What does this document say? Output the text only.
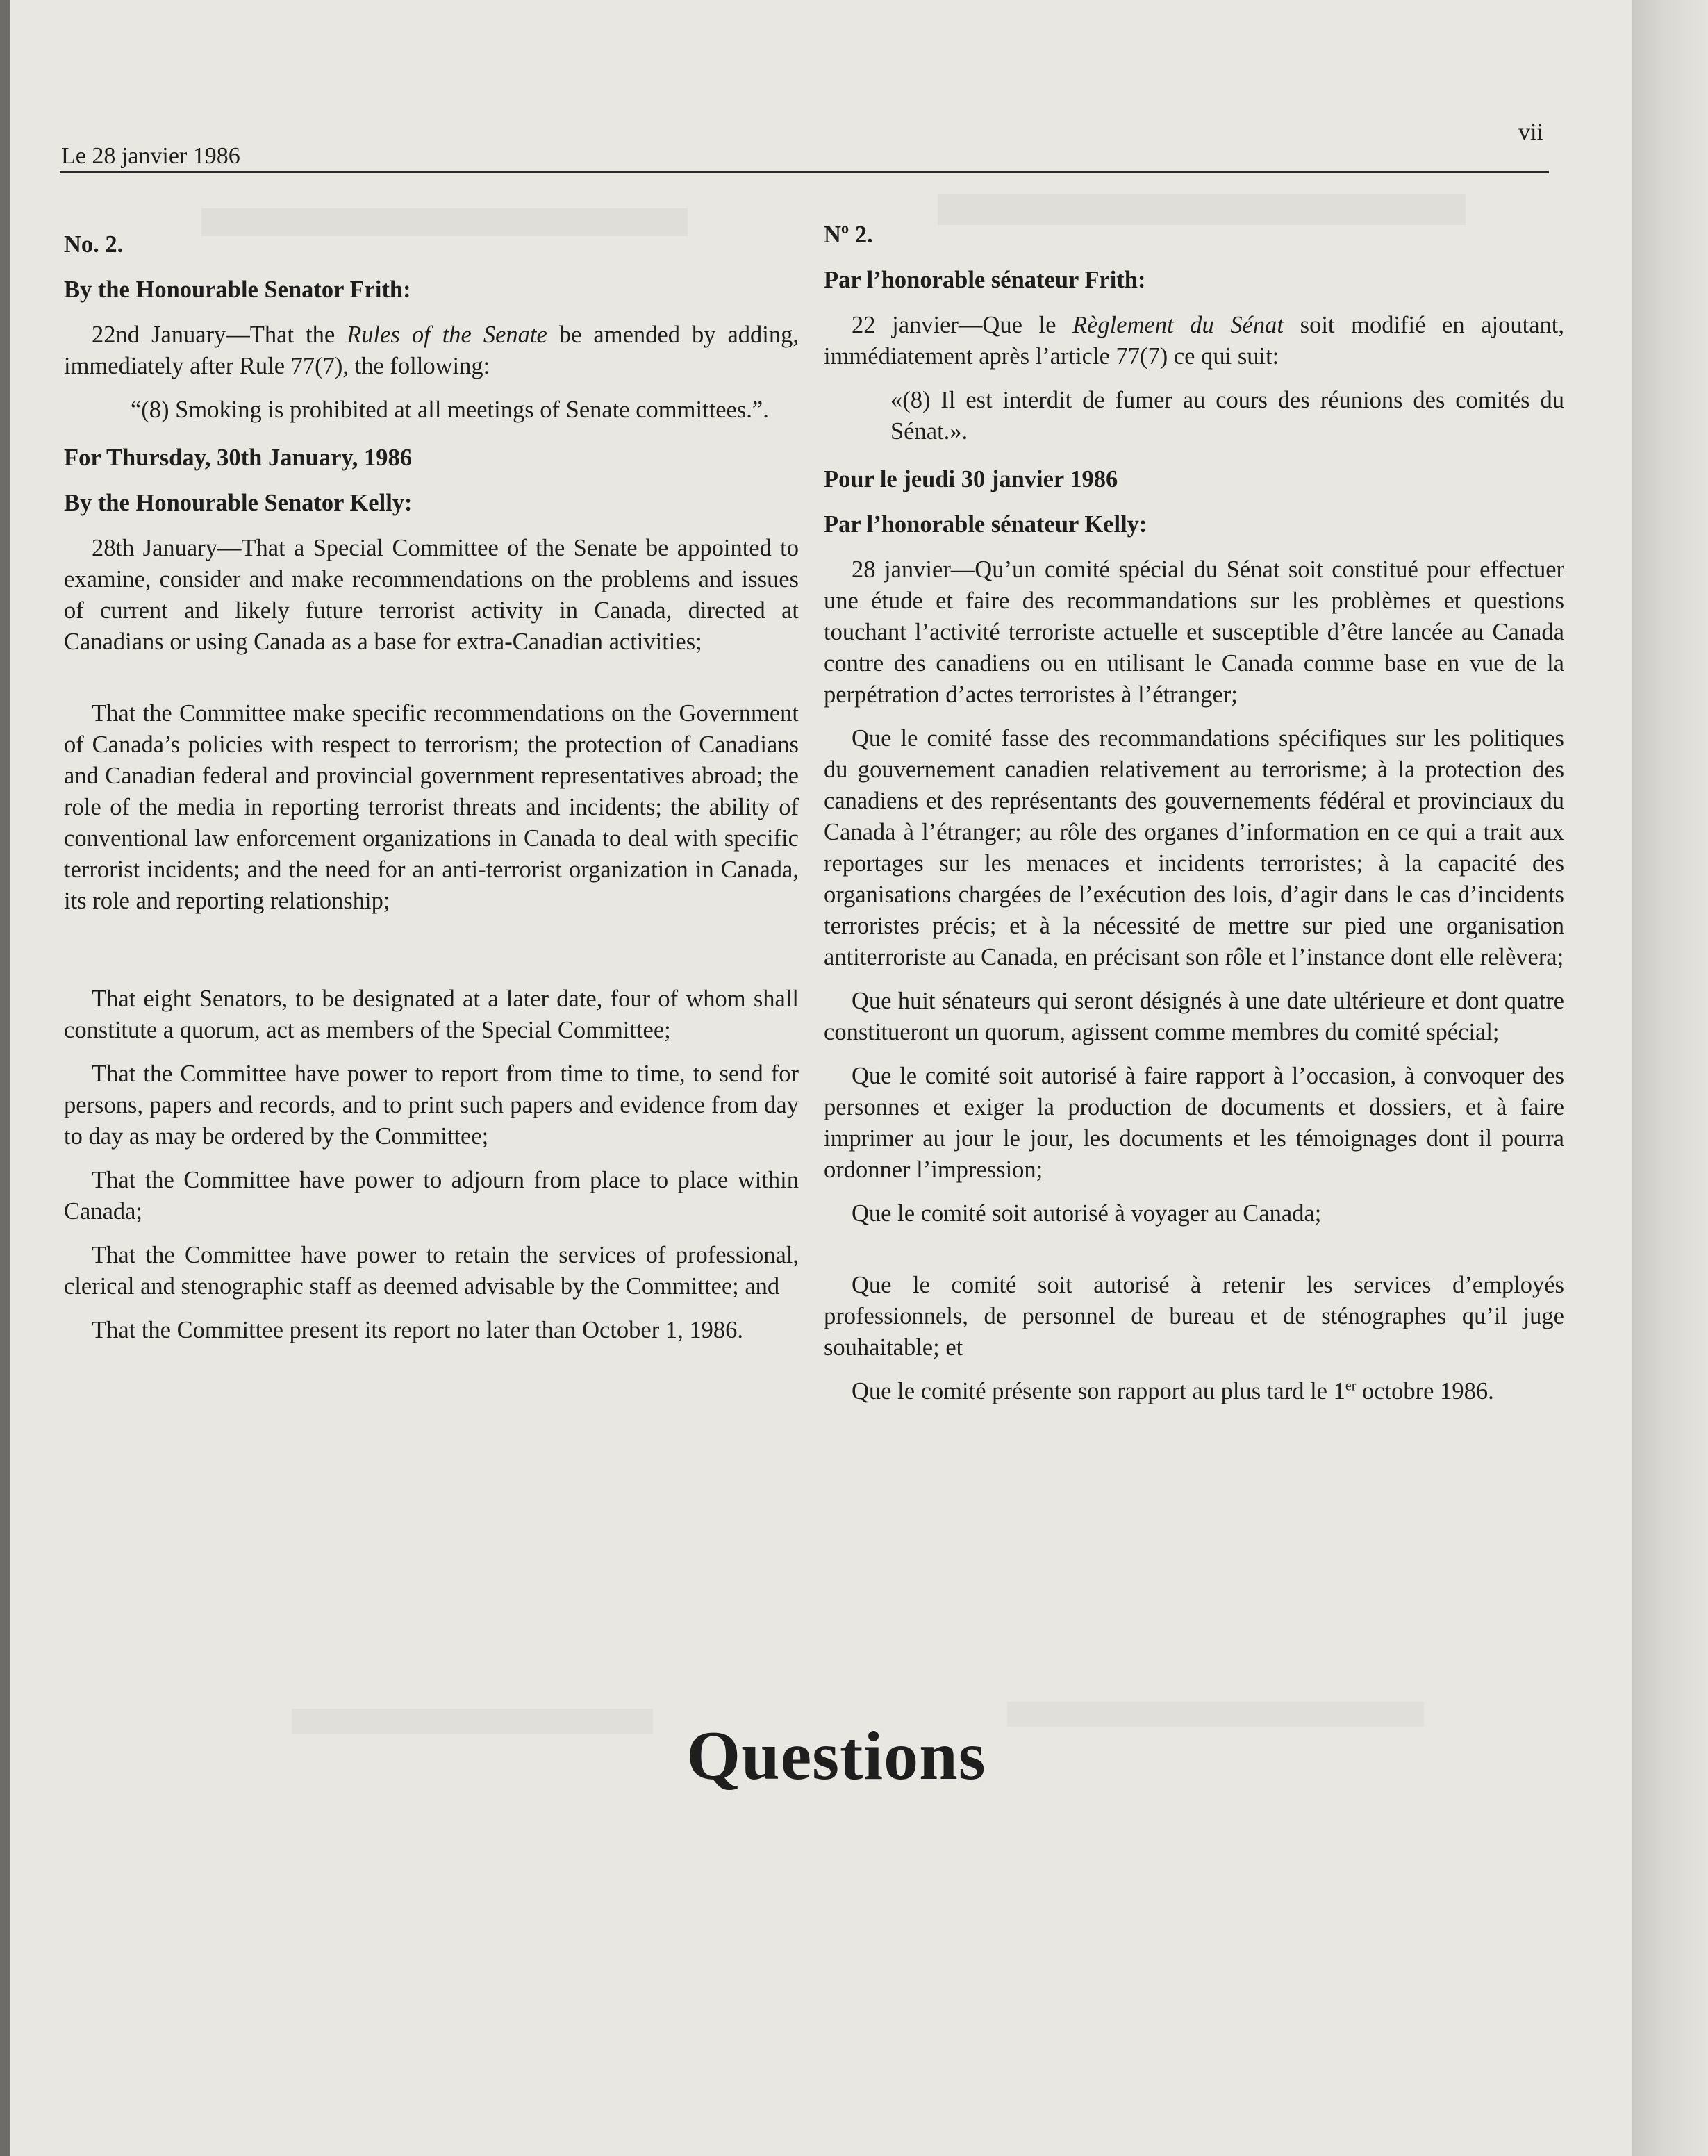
Le 28 janvier 1986
vii
No. 2.
By the Honourable Senator Frith:
22nd January—That the Rules of the Senate be amended by adding, immediately after Rule 77(7), the following:
“(8) Smoking is prohibited at all meetings of Senate committees.”.
For Thursday, 30th January, 1986
By the Honourable Senator Kelly:
28th January—That a Special Committee of the Senate be appointed to examine, consider and make recommendations on the problems and issues of current and likely future terrorist activity in Canada, directed at Canadians or using Canada as a base for extra-Canadian activities;
That the Committee make specific recommendations on the Government of Canada’s policies with respect to terrorism; the protection of Canadians and Canadian federal and provincial government representatives abroad; the role of the media in reporting terrorist threats and incidents; the ability of conventional law enforcement organizations in Canada to deal with specific terrorist incidents; and the need for an anti-terrorist organization in Canada, its role and reporting relationship;
That eight Senators, to be designated at a later date, four of whom shall constitute a quorum, act as members of the Special Committee;
That the Committee have power to report from time to time, to send for persons, papers and records, and to print such papers and evidence from day to day as may be ordered by the Committee;
That the Committee have power to adjourn from place to place within Canada;
That the Committee have power to retain the services of professional, clerical and stenographic staff as deemed advisable by the Committee; and
That the Committee present its report no later than October 1, 1986.
Nº 2.
Par l’honorable sénateur Frith:
22 janvier—Que le Règlement du Sénat soit modifié en ajoutant, immédiatement après l’article 77(7) ce qui suit:
«(8) Il est interdit de fumer au cours des réunions des comités du Sénat.».
Pour le jeudi 30 janvier 1986
Par l’honorable sénateur Kelly:
28 janvier—Qu’un comité spécial du Sénat soit constitué pour effectuer une étude et faire des recommandations sur les problèmes et questions touchant l’activité terroriste actuelle et susceptible d’être lancée au Canada contre des canadiens ou en utilisant le Canada comme base en vue de la perpétration d’actes terroristes à l’étranger;
Que le comité fasse des recommandations spécifiques sur les politiques du gouvernement canadien relativement au terrorisme; à la protection des canadiens et des représentants des gouvernements fédéral et provinciaux du Canada à l’étranger; au rôle des organes d’information en ce qui a trait aux reportages sur les menaces et incidents terroristes; à la capacité des organisations chargées de l’exécution des lois, d’agir dans le cas d’incidents terroristes précis; et à la nécessité de mettre sur pied une organisation antiterroriste au Canada, en précisant son rôle et l’instance dont elle relèvera;
Que huit sénateurs qui seront désignés à une date ultérieure et dont quatre constitueront un quorum, agissent comme membres du comité spécial;
Que le comité soit autorisé à faire rapport à l’occasion, à convoquer des personnes et exiger la production de documents et dossiers, et à faire imprimer au jour le jour, les documents et les témoignages dont il pourra ordonner l’impression;
Que le comité soit autorisé à voyager au Canada;
Que le comité soit autorisé à retenir les services d’employés professionnels, de personnel de bureau et de sténographes qu’il juge souhaitable; et
Que le comité présente son rapport au plus tard le 1er octobre 1986.
Questions
